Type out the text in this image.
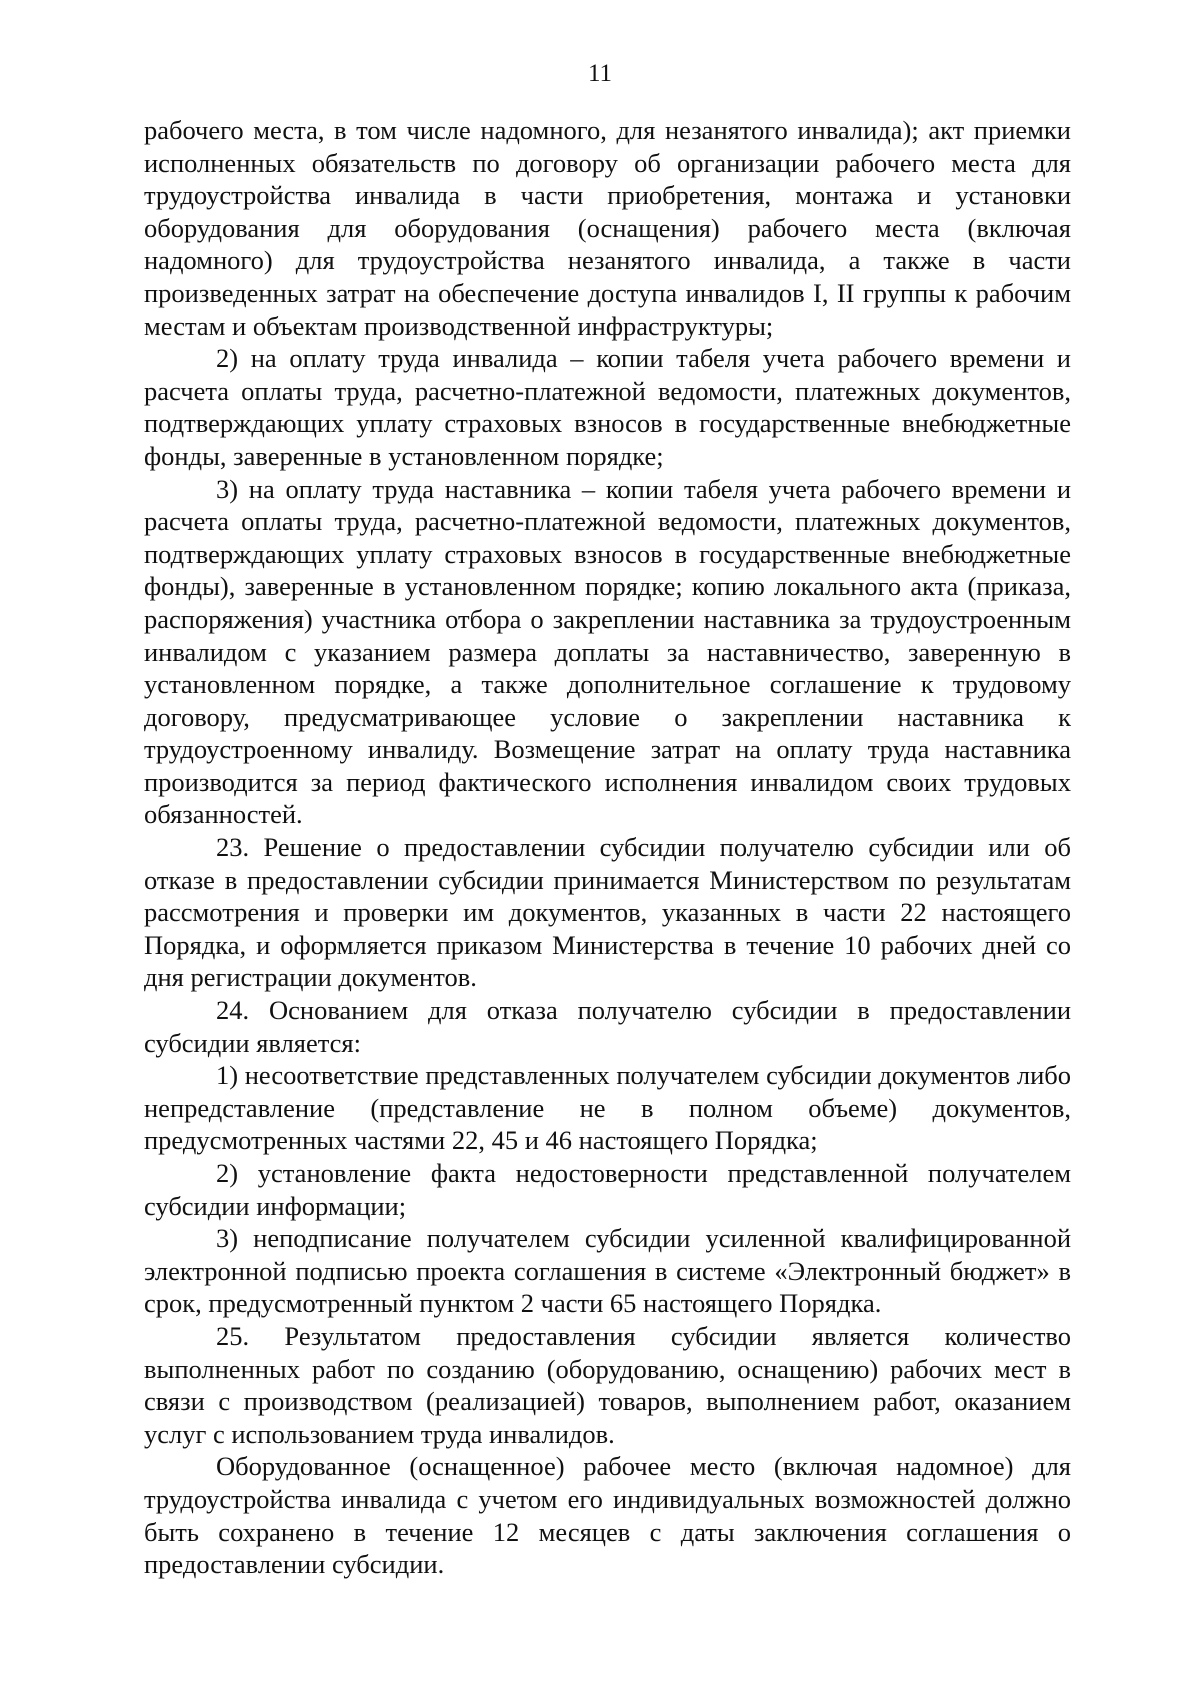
11

рабочего места, в том числе надомного, для незанятого инвалида); акт приемки исполненных обязательств по договору об организации рабочего места для трудоустройства инвалида в части приобретения, монтажа и установки оборудования для оборудования (оснащения) рабочего места (включая надомного) для трудоустройства незанятого инвалида, а также в части произведенных затрат на обеспечение доступа инвалидов I, II группы к рабочим местам и объектам производственной инфраструктуры;

2) на оплату труда инвалида – копии табеля учета рабочего времени и расчета оплаты труда, расчетно-платежной ведомости, платежных документов, подтверждающих уплату страховых взносов в государственные внебюджетные фонды, заверенные в установленном порядке;

3) на оплату труда наставника – копии табеля учета рабочего времени и расчета оплаты труда, расчетно-платежной ведомости, платежных документов, подтверждающих уплату страховых взносов в государственные внебюджетные фонды), заверенные в установленном порядке; копию локального акта (приказа, распоряжения) участника отбора о закреплении наставника за трудоустроенным инвалидом с указанием размера доплаты за наставничество, заверенную в установленном порядке, а также дополнительное соглашение к трудовому договору, предусматривающее условие о закреплении наставника к трудоустроенному инвалиду. Возмещение затрат на оплату труда наставника производится за период фактического исполнения инвалидом своих трудовых обязанностей.

23. Решение о предоставлении субсидии получателю субсидии или об отказе в предоставлении субсидии принимается Министерством по результатам рассмотрения и проверки им документов, указанных в части 22 настоящего Порядка, и оформляется приказом Министерства в течение 10 рабочих дней со дня регистрации документов.

24. Основанием для отказа получателю субсидии в предоставлении субсидии является:

1) несоответствие представленных получателем субсидии документов либо непредставление (представление не в полном объеме) документов, предусмотренных частями 22, 45 и 46 настоящего Порядка;

2) установление факта недостоверности представленной получателем субсидии информации;

3) неподписание получателем субсидии усиленной квалифицированной электронной подписью проекта соглашения в системе «Электронный бюджет» в срок, предусмотренный пунктом 2 части 65 настоящего Порядка.

25. Результатом предоставления субсидии является количество выполненных работ по созданию (оборудованию, оснащению) рабочих мест в связи с производством (реализацией) товаров, выполнением работ, оказанием услуг с использованием труда инвалидов.

Оборудованное (оснащенное) рабочее место (включая надомное) для трудоустройства инвалида с учетом его индивидуальных возможностей должно быть сохранено в течение 12 месяцев с даты заключения соглашения о предоставлении субсидии.
